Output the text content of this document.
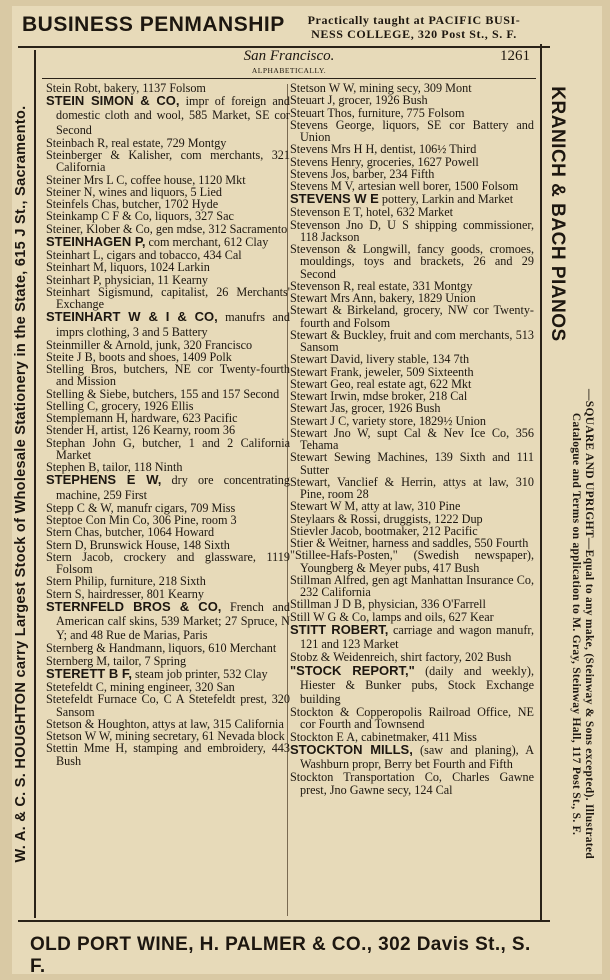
BUSINESS PENMANSHIP	Practically taught at PACIFIC BUSI-
NESS COLLEGE, 320 Post St., S. F.
W. A. & C. S. HOUGHTON carry Largest Stock of Wholesale Stationery in the State, 615 J St., Sacramento.	KRANICH & BACH PIANOS
—SQUARE AND UPRIGHT—Equal to any make, (Steinway & Sons excepted). Illustrated
Catalogue and Terms on application to M. Gray, Steinway Hall, 117 Post St., S. F.
San Francisco.	1261
ALPHABETICALLY.
Stein Robt, bakery, 1137 Folsom
STEIN SIMON & CO, impr of foreign and domestic cloth and wool, 585 Market, SE cor Second
Steinbach R, real estate, 729 Montgy
Steinberger & Kalisher, com merchants, 321 California
Steiner Mrs L C, coffee house, 1120 Mkt
Steiner N, wines and liquors, 5 Lied
Steinfels Chas, butcher, 1702 Hyde
Steinkamp C F & Co, liquors, 327 Sac
Steiner, Klober & Co, gen mdse, 312 Sacramento
STEINHAGEN P, com merchant, 612 Clay
Steinhart L, cigars and tobacco, 434 Cal
Steinhart M, liquors, 1024 Larkin
Steinhart P, physician, 11 Kearny
Steinhart Sigismund, capitalist, 26 Merchants' Exchange
STEINHART W & I & CO, manufrs and imprs clothing, 3 and 5 Battery
Steinmiller & Arnold, junk, 320 Francisco
Steite J B, boots and shoes, 1409 Polk
Stelling Bros, butchers, NE cor Twenty-fourth and Mission
Stelling & Siebe, butchers, 155 and 157 Second
Stelling C, grocery, 1926 Ellis
Stemplemann H, hardware, 623 Pacific
Stender H, artist, 126 Kearny, room 36
Stephan John G, butcher, 1 and 2 California Market
Stephen B, tailor, 118 Ninth
STEPHENS E W, dry ore concentrating machine, 259 First
Stepp C & W, manufr cigars, 709 Miss
Steptoe Con Min Co, 306 Pine, room 3
Stern Chas, butcher, 1064 Howard
Stern D, Brunswick House, 148 Sixth
Stern Jacob, crockery and glassware, 1119 Folsom
Stern Philip, furniture, 218 Sixth
Stern S, hairdresser, 801 Kearny
STERNFELD BROS & CO, French and American calf skins, 539 Market; 27 Spruce, N Y; and 48 Rue de Marias, Paris
Sternberg & Handmann, liquors, 610 Merchant
Sternberg M, tailor, 7 Spring
STERETT B F, steam job printer, 532 Clay
Stetefeldt C, mining engineer, 320 San
Stetefeldt Furnace Co, C A Stetefeldt prest, 320 Sansom
Stetson & Houghton, attys at law, 315 California
Stetson W W, mining secretary, 61 Nevada block
Stettin Mme H, stamping and embroidery, 443 Bush
Stetson W W, mining secy, 309 Mont
Steuart J, grocer, 1926 Bush
Steuart Thos, furniture, 775 Folsom
Stevens George, liquors, SE cor Battery and Union
Stevens Mrs H H, dentist, 106½ Third
Stevens Henry, groceries, 1627 Powell
Stevens Jos, barber, 234 Fifth
Stevens M V, artesian well borer, 1500 Folsom
STEVENS W E pottery, Larkin and Market
Stevenson E T, hotel, 632 Market
Stevenson Jno D, U S shipping commissioner, 118 Jackson
Stevenson & Longwill, fancy goods, cromoes, mouldings, toys and brackets, 26 and 29 Second
Stevenson R, real estate, 331 Montgy
Stewart Mrs Ann, bakery, 1829 Union
Stewart & Birkeland, grocery, NW cor Twenty-fourth and Folsom
Stewart & Buckley, fruit and com merchants, 513 Sansom
Stewart David, livery stable, 134 7th
Stewart Frank, jeweler, 509 Sixteenth
Stewart Geo, real estate agt, 622 Mkt
Stewart Irwin, mdse broker, 218 Cal
Stewart Jas, grocer, 1926 Bush
Stewart J C, variety store, 1829½ Union
Stewart Jno W, supt Cal & Nev Ice Co, 356 Tehama
Stewart Sewing Machines, 139 Sixth and 111 Sutter
Stewart, Vanclief & Herrin, attys at law, 310 Pine, room 28
Stewart W M, atty at law, 310 Pine
Steylaars & Rossi, druggists, 1222 Dup
Stievler Jacob, bootmaker, 212 Pacific
Stier & Weitner, harness and saddles, 550 Fourth
"Stillee-Hafs-Posten," (Swedish newspaper), Youngberg & Meyer pubs, 417 Bush
Stillman Alfred, gen agt Manhattan Insurance Co, 232 California
Stillman J D B, physician, 336 O'Farrell
Still W G & Co, lamps and oils, 627 Kear
STITT ROBERT, carriage and wagon manufr, 121 and 123 Market
Stobz & Weidenreich, shirt factory, 202 Bush
"STOCK REPORT," (daily and weekly), Hiester & Bunker pubs, Stock Exchange building
Stockton & Copperopolis Railroad Office, NE cor Fourth and Townsend
Stockton E A, cabinetmaker, 411 Miss
STOCKTON MILLS, (saw and planing), A Washburn propr, Berry bet Fourth and Fifth
Stockton Transportation Co, Charles Gawne prest, Jno Gawne secy, 124 Cal
OLD PORT WINE, H. PALMER & CO., 302 Davis St., S. F.
